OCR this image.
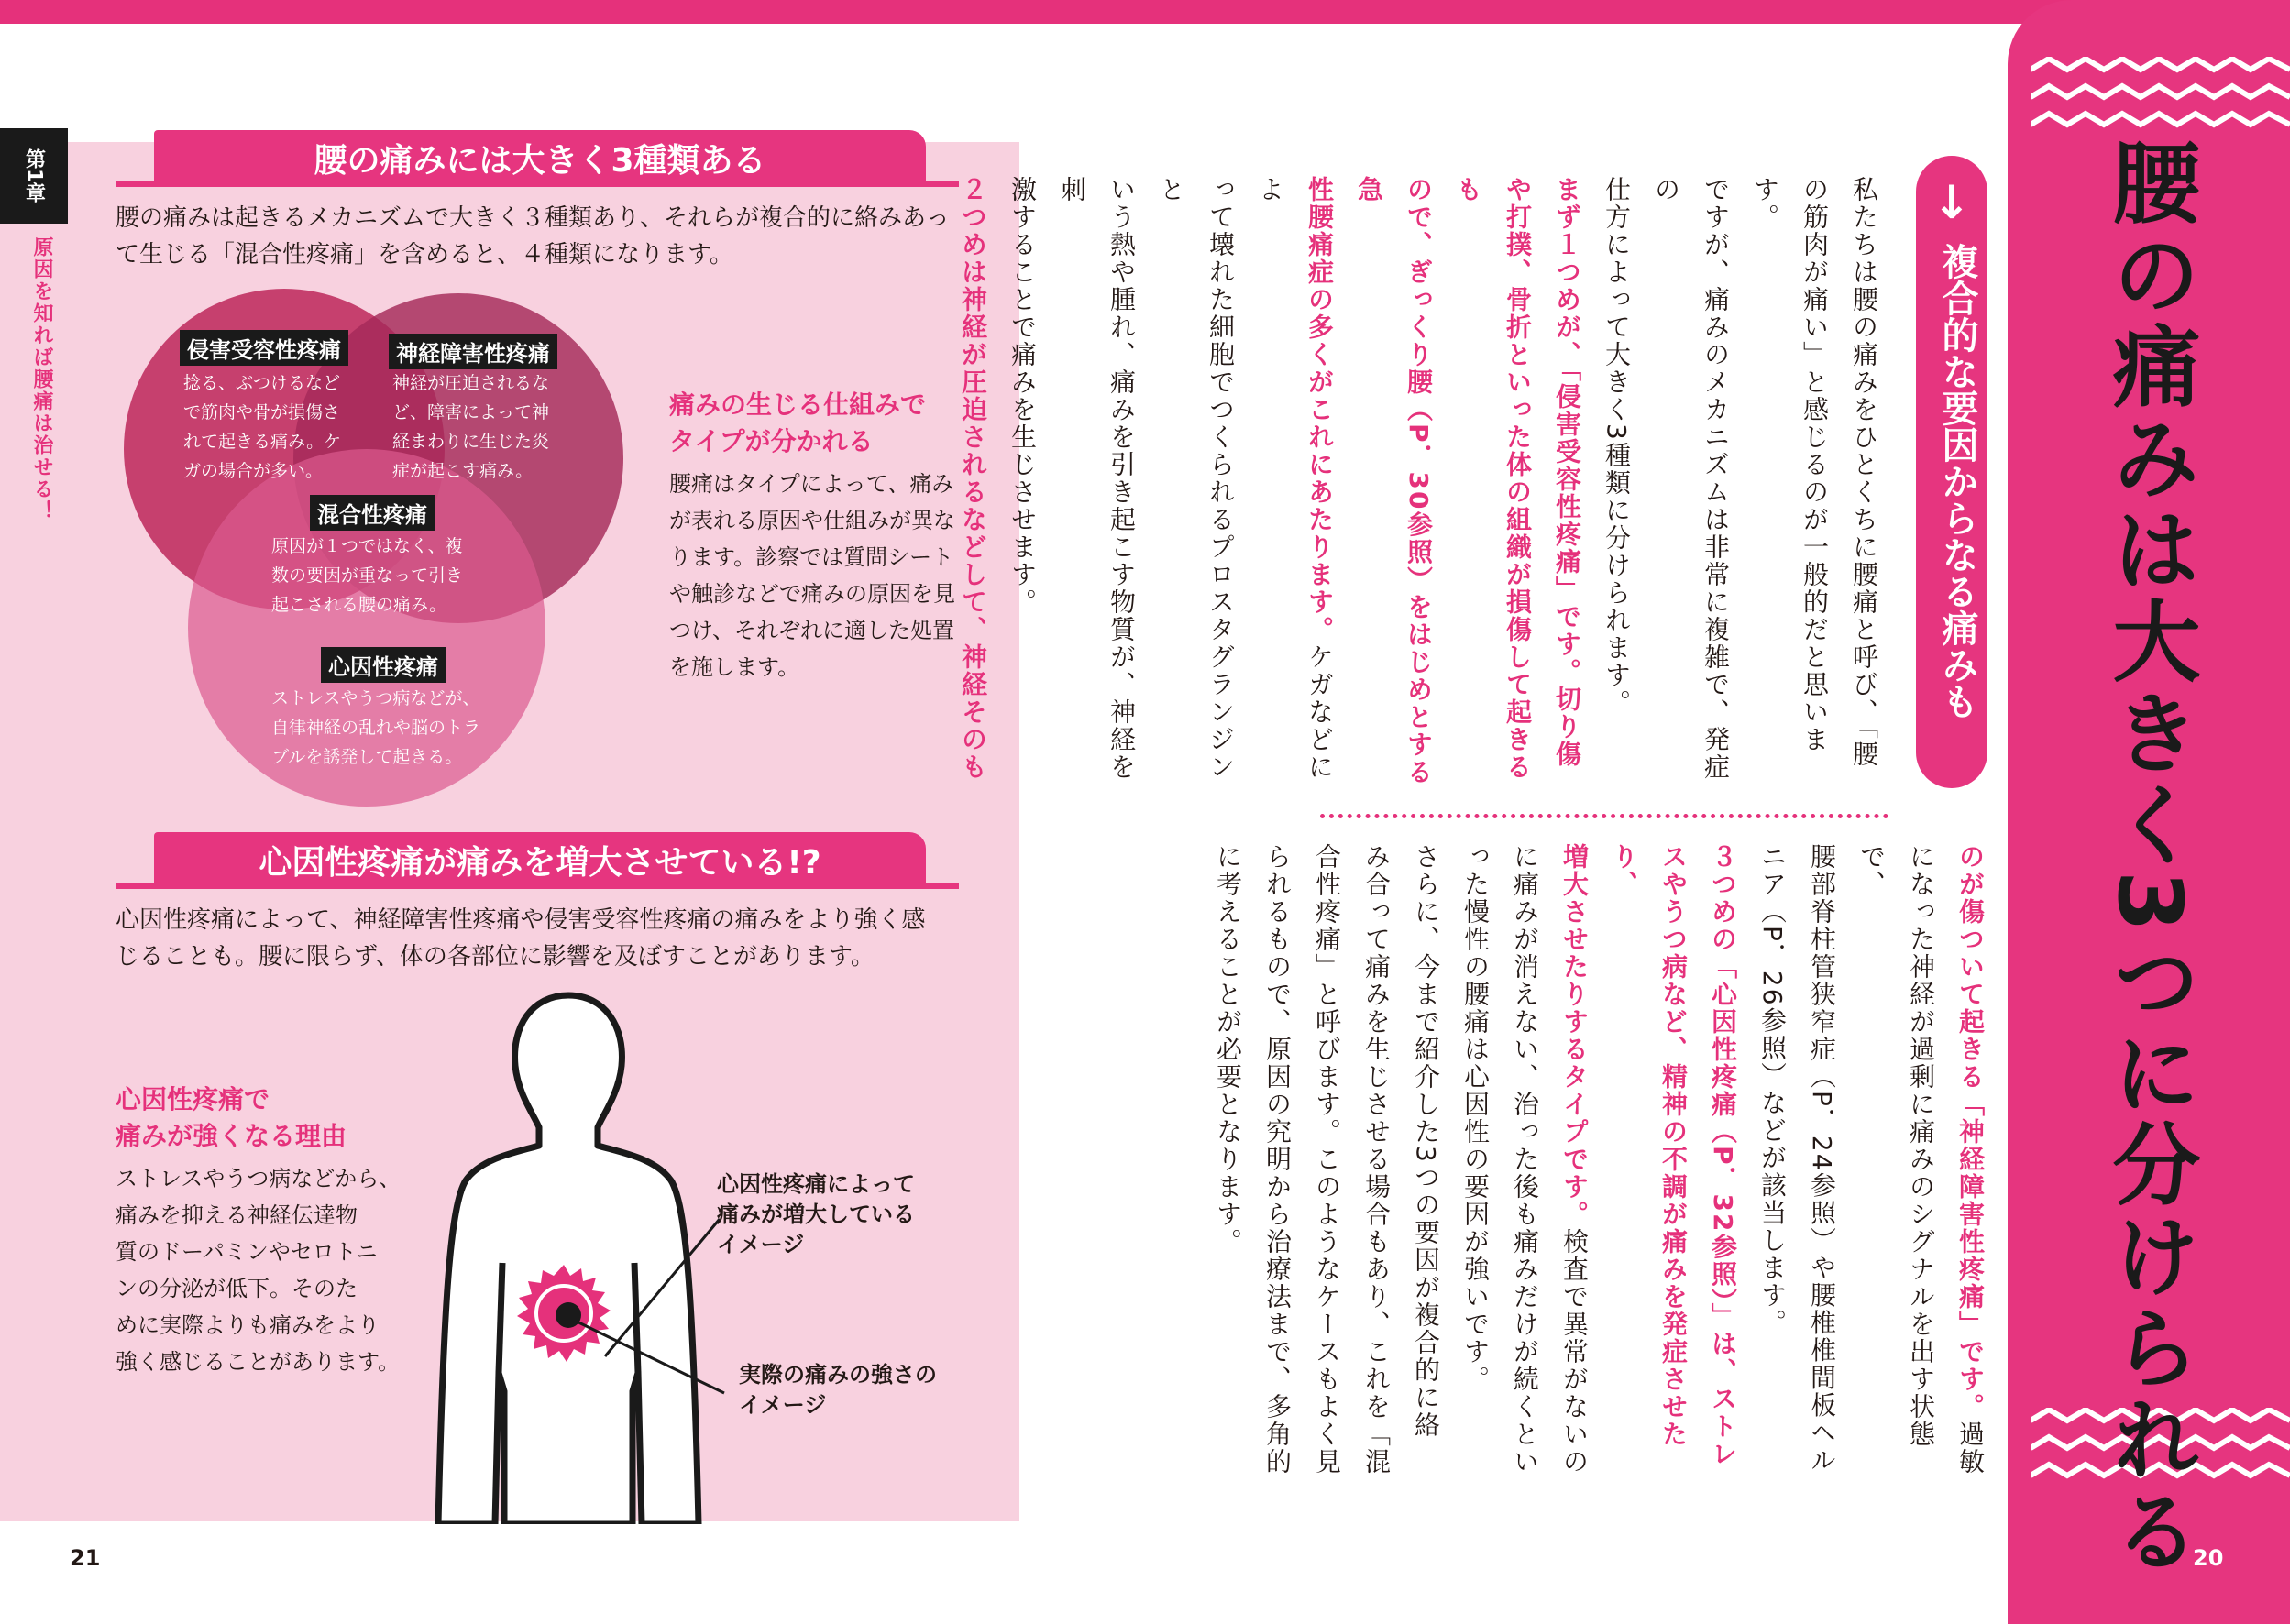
第1章
原因を知れば腰痛は治せる！
腰の痛みには大きく3種類ある
腰の痛みは起きるメカニズムで大きく３種類あり、それらが複合的に絡みあっ
て生じる「混合性疼痛」を含めると、４種類になります。
侵害受容性疼痛
捻る、ぶつけるなど
で筋肉や骨が損傷さ
れて起きる痛み。ケ
ガの場合が多い。
神経障害性疼痛
神経が圧迫されるな
ど、障害によって神
経まわりに生じた炎
症が起こす痛み。
混合性疼痛
原因が１つではなく、複
数の要因が重なって引き
起こされる腰の痛み。
心因性疼痛
ストレスやうつ病などが、
自律神経の乱れや脳のトラ
ブルを誘発して起きる。
痛みの生じる仕組みで
タイプが分かれる
腰痛はタイプによって、痛み
が表れる原因や仕組みが異な
ります。診察では質問シート
や触診などで痛みの原因を見
つけ、それぞれに適した処置
を施します。
心因性疼痛が痛みを増大させている!?
心因性疼痛によって、神経障害性疼痛や侵害受容性疼痛の痛みをより強く感
じることも。腰に限らず、体の各部位に影響を及ぼすことがあります。
心因性疼痛で
痛みが強くなる理由
ストレスやうつ病などから、
痛みを抑える神経伝達物
質のドーパミンやセロトニ
ンの分泌が低下。そのた
めに実際よりも痛みをより
強く感じることがあります。
心因性疼痛によって
痛みが増大している
イメージ
実際の痛みの強さの
イメージ
21	腰の痛みは大きく3つに分けられる
↓
複合的な要因からなる痛みも
私たちは腰の痛みをひとくちに腰痛と呼び、「腰
の筋肉が痛い」と感じるのが一般的だと思います。
ですが、痛みのメカニズムは非常に複雑で、発症の
仕方によって大きく3種類に分けられます。
まず１つめが、「侵害受容性疼痛」です。切り傷
や打撲、骨折といった体の組織が損傷して起きるも
ので、ぎっくり腰（P．30参照）をはじめとする急
性腰痛症の多くがこれにあたります。ケガなどによ
って壊れた細胞でつくられるプロスタグランジンと
いう熱や腫れ、痛みを引き起こす物質が、神経を刺
激することで痛みを生じさせます。
２つめは神経が圧迫されるなどして、神経そのも
のが傷ついて起きる「神経障害性疼痛」です。過敏
になった神経が過剰に痛みのシグナルを出す状態で、
腰部脊柱管狭窄症（P．24参照）や腰椎椎間板ヘル
ニア（P．26参照）などが該当します。
３つめの「心因性疼痛（P．32参照）」は、ストレ
スやうつ病など、精神の不調が痛みを発症させたり、
増大させたりするタイプです。検査で異常がないの
に痛みが消えない、治った後も痛みだけが続くとい
った慢性の腰痛は心因性の要因が強いです。
さらに、今まで紹介した3つの要因が複合的に絡
み合って痛みを生じさせる場合もあり、これを「混
合性疼痛」と呼びます。このようなケースもよく見
られるもので、原因の究明から治療法まで、多角的
に考えることが必要となります。
20
